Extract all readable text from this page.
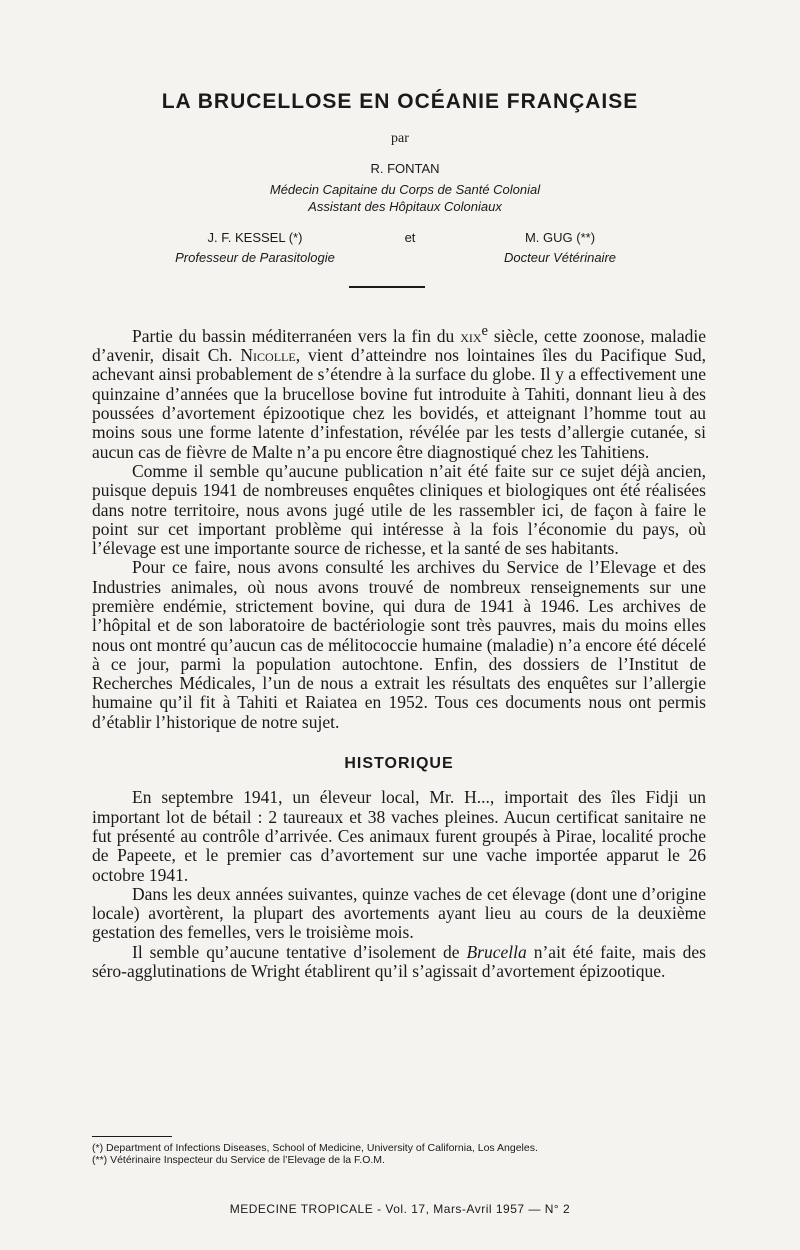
LA BRUCELLOSE EN OCÉANIE FRANÇAISE
par
R. FONTAN
Médecin Capitaine du Corps de Santé Colonial
Assistant des Hôpitaux Coloniaux
J. F. KESSEL (*)
Professeur de Parasitologie
et	M. GUG (**)
Docteur Vétérinaire

Partie du bassin méditerranéen vers la fin du xix$^e$ siècle, cette zoonose, maladie d’avenir, disait Ch. Nicolle, vient d’atteindre nos lointaines îles du Pacifique Sud, achevant ainsi probablement de s’étendre à la surface du globe. Il y a effectivement une quinzaine d’années que la brucellose bovine fut introduite à Tahiti, donnant lieu à des poussées d’avortement épizootique chez les bovidés, et atteignant l’homme tout au moins sous une forme latente d’infestation, révélée par les tests d’allergie cutanée, si aucun cas de fièvre de Malte n’a pu encore être diagnostiqué chez les Tahitiens.

Comme il semble qu’aucune publication n’ait été faite sur ce sujet déjà ancien, puisque depuis 1941 de nombreuses enquêtes cliniques et biologiques ont été réalisées dans notre territoire, nous avons jugé utile de les rassembler ici, de façon à faire le point sur cet important problème qui intéresse à la fois l’économie du pays, où l’élevage est une importante source de richesse, et la santé de ses habitants.

Pour ce faire, nous avons consulté les archives du Service de l’Elevage et des Industries animales, où nous avons trouvé de nombreux renseignements sur une première endémie, strictement bovine, qui dura de 1941 à 1946. Les archives de l’hôpital et de son laboratoire de bactériologie sont très pauvres, mais du moins elles nous ont montré qu’aucun cas de mélitococcie humaine (maladie) n’a encore été décelé à ce jour, parmi la population autochtone. Enfin, des dossiers de l’Institut de Recherches Médicales, l’un de nous a extrait les résultats des enquêtes sur l’allergie humaine qu’il fit à Tahiti et Raiatea en 1952. Tous ces documents nous ont permis d’établir l’historique de notre sujet.

HISTORIQUE

En septembre 1941, un éleveur local, Mr. H..., importait des îles Fidji un important lot de bétail : 2 taureaux et 38 vaches pleines. Aucun certificat sanitaire ne fut présenté au contrôle d’arrivée. Ces animaux furent groupés à Pirae, localité proche de Papeete, et le premier cas d’avortement sur une vache importée apparut le 26 octobre 1941.

Dans les deux années suivantes, quinze vaches de cet élevage (dont une d’origine locale) avortèrent, la plupart des avortements ayant lieu au cours de la deuxième gestation des femelles, vers le troisième mois.

Il semble qu’aucune tentative d’isolement de Brucella n’ait été faite, mais des séro-agglutinations de Wright établirent qu’il s’agissait d’avortement épizootique.

(*) Department of Infections Diseases, School of Medicine, University of California, Los Angeles.

(**) Vétérinaire Inspecteur du Service de l’Elevage de la F.O.M.

MEDECINE TROPICALE - Vol. 17, Mars-Avril 1957 — N° 2
